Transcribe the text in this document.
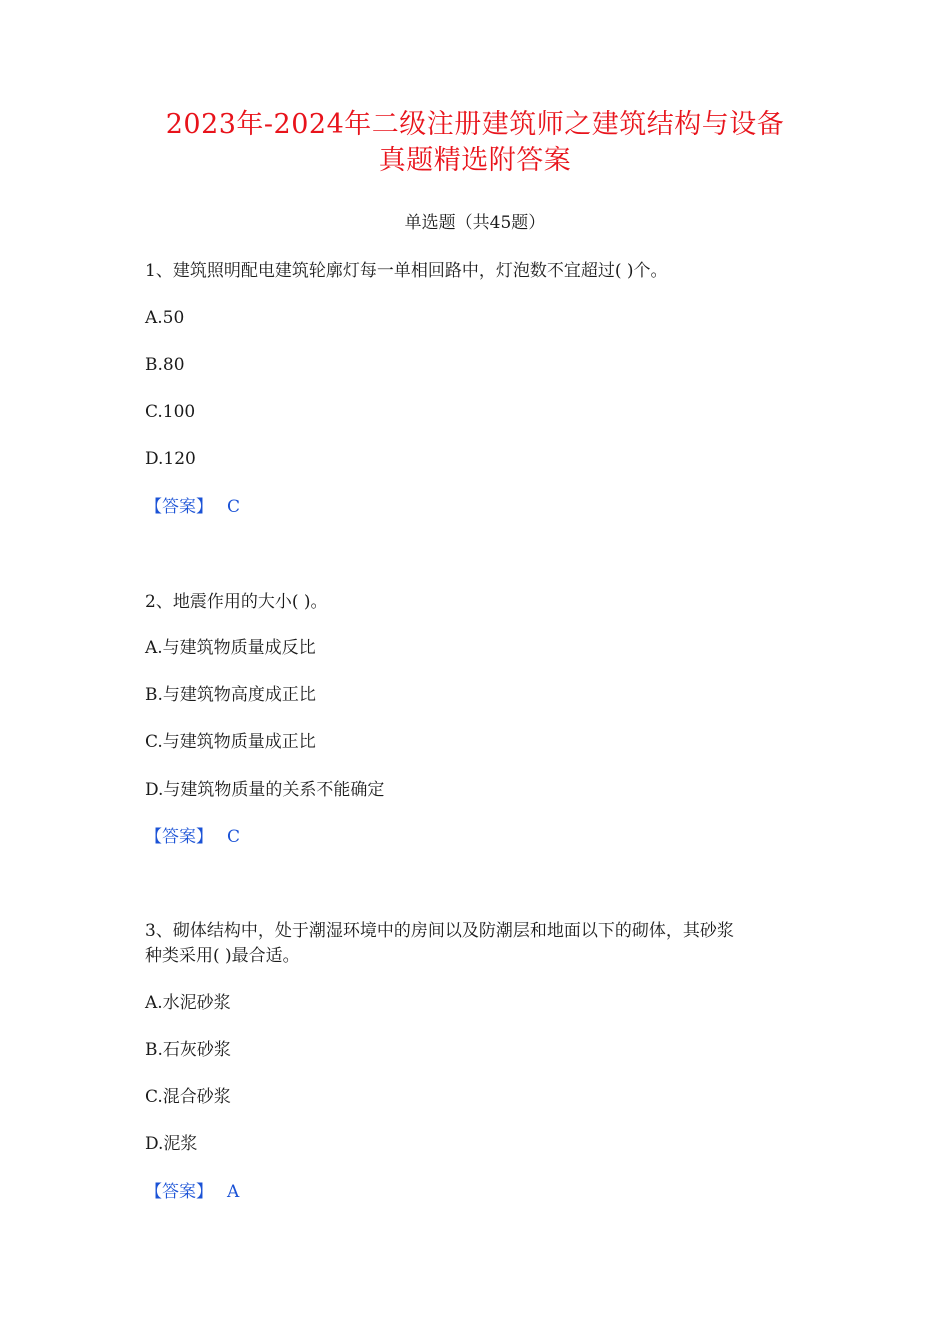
2023年-2024年二级注册建筑师之建筑结构与设备
真题精选附答案
单选题（共45题）
1、建筑照明配电建筑轮廓灯每一单相回路中，灯泡数不宜超过( )个。
A.50
B.80
C.100
D.120
【答案】 C
2、地震作用的大小( )。
A.与建筑物质量成反比
B.与建筑物高度成正比
C.与建筑物质量成正比
D.与建筑物质量的关系不能确定
【答案】 C
3、砌体结构中，处于潮湿环境中的房间以及防潮层和地面以下的砌体，其砂浆
种类采用( )最合适。
A.水泥砂浆
B.石灰砂浆
C.混合砂浆
D.泥浆
【答案】 A
